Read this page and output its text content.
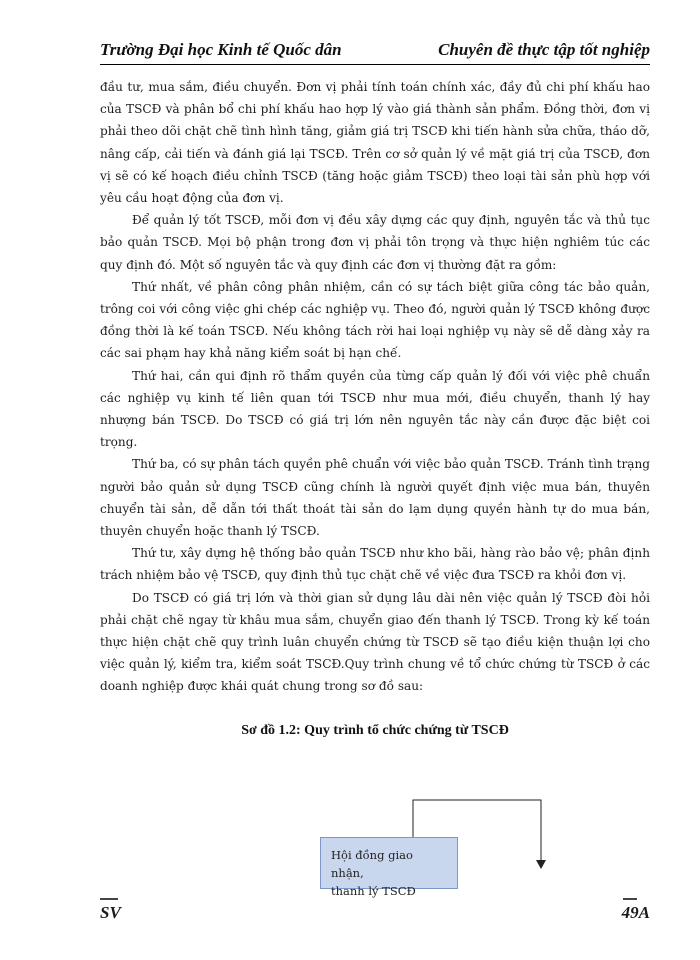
Trường Đại học Kinh tế Quốc dân	Chuyên đề thực tập tốt nghiệp

đầu tư, mua sắm, điều chuyển. Đơn vị phải tính toán chính xác, đầy đủ chi phí khấu hao của TSCĐ và phân bổ chi phí khấu hao hợp lý vào giá thành sản phẩm. Đồng thời, đơn vị phải theo dõi chặt chẽ tình hình tăng, giảm giá trị TSCĐ khi tiến hành sửa chữa, tháo dỡ, nâng cấp, cải tiến và đánh giá lại TSCĐ. Trên cơ sở quản lý về mặt giá trị của TSCĐ, đơn vị sẽ có kế hoạch điều chỉnh TSCĐ (tăng hoặc giảm TSCĐ) theo loại tài sản phù hợp với yêu cầu hoạt động của đơn vị.

Để quản lý tốt TSCĐ, mỗi đơn vị đều xây dựng các quy định, nguyên tắc và thủ tục bảo quản TSCĐ. Mọi bộ phận trong đơn vị phải tôn trọng và thực hiện nghiêm túc các quy định đó. Một số nguyên tắc và quy định các đơn vị thường đặt ra gồm:

Thứ nhất, về phân công phân nhiệm, cần có sự tách biệt giữa công tác bảo quản, trông coi với công việc ghi chép các nghiệp vụ. Theo đó, người quản lý TSCĐ không được đồng thời là kế toán TSCĐ. Nếu không tách rời hai loại nghiệp vụ này sẽ dễ dàng xảy ra các sai phạm hay khả năng kiểm soát bị hạn chế.

Thứ hai, cần qui định rõ thẩm quyền của từng cấp quản lý đối với việc phê chuẩn các nghiệp vụ kinh tế liên quan tới TSCĐ như mua mới, điều chuyển, thanh lý hay nhượng bán TSCĐ. Do TSCĐ có giá trị lớn nên nguyên tắc này cần được đặc biệt coi trọng.

Thứ ba, có sự phân tách quyền phê chuẩn với việc bảo quản TSCĐ. Tránh tình trạng người bảo quản sử dụng TSCĐ cũng chính là người quyết định việc mua bán, thuyên chuyển tài sản, dễ dẫn tới thất thoát tài sản do lạm dụng quyền hành tự do mua bán, thuyên chuyển hoặc thanh lý TSCĐ.

Thứ tư, xây dựng hệ thống bảo quản TSCĐ như kho bãi, hàng rào bảo vệ; phân định trách nhiệm bảo vệ TSCĐ, quy định thủ tục chặt chẽ về việc đưa TSCĐ ra khỏi đơn vị.

Do TSCĐ có giá trị lớn và thời gian sử dụng lâu dài nên việc quản lý TSCĐ đòi hỏi phải chặt chẽ ngay từ khâu mua sắm, chuyển giao đến thanh lý TSCĐ. Trong kỳ kế toán thực hiện chặt chẽ quy trình luân chuyển chứng từ TSCĐ sẽ tạo điều kiện thuận lợi cho việc quản lý, kiểm tra, kiểm soát TSCĐ.Quy trình chung về tổ chức chứng từ TSCĐ ở các doanh nghiệp được khái quát chung trong sơ đồ sau:

Sơ đồ 1.2: Quy trình tổ chức chứng từ TSCĐ
Hội đồng giao nhận,
thanh lý TSCĐ
SV	49A
